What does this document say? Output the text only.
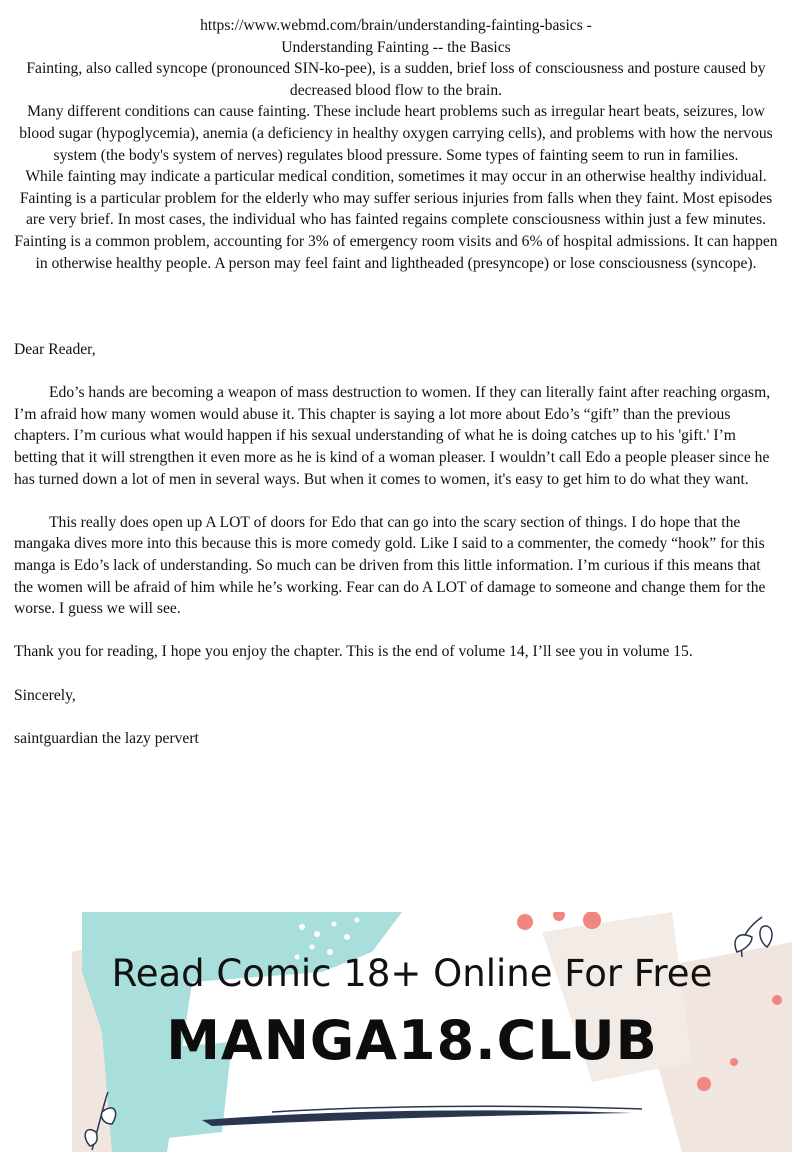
https://www.webmd.com/brain/understanding-fainting-basics -

Understanding Fainting -- the Basics

Fainting, also called syncope (pronounced SIN-ko-pee), is a sudden, brief loss of consciousness and posture caused by decreased blood flow to the brain.

Many different conditions can cause fainting. These include heart problems such as irregular heart beats, seizures, low blood sugar (hypoglycemia), anemia (a deficiency in healthy oxygen carrying cells), and problems with how the nervous system (the body's system of nerves) regulates blood pressure. Some types of fainting seem to run in families.

While fainting may indicate a particular medical condition, sometimes it may occur in an otherwise healthy individual. Fainting is a particular problem for the elderly who may suffer serious injuries from falls when they faint. Most episodes are very brief. In most cases, the individual who has fainted regains complete consciousness within just a few minutes.

Fainting is a common problem, accounting for 3% of emergency room visits and 6% of hospital admissions. It can happen in otherwise healthy people. A person may feel faint and lightheaded (presyncope) or lose consciousness (syncope).

Dear Reader,

Edo’s hands are becoming a weapon of mass destruction to women. If they can literally faint after reaching orgasm, I’m afraid how many women would abuse it. This chapter is saying a lot more about Edo’s “gift” than the previous chapters. I’m curious what would happen if his sexual understanding of what he is doing catches up to his 'gift.' I’m betting that it will strengthen it even more as he is kind of a woman pleaser. I wouldn’t call Edo a people pleaser since he has turned down a lot of men in several ways. But when it comes to women, it's easy to get him to do what they want.

This really does open up A LOT of doors for Edo that can go into the scary section of things. I do hope that the mangaka dives more into this because this is more comedy gold. Like I said to a commenter, the comedy “hook” for this manga is Edo’s lack of understanding. So much can be driven from this little information. I’m curious if this means that the women will be afraid of him while he’s working. Fear can do A LOT of damage to someone and change them for the worse. I guess we will see.

Thank you for reading, I hope you enjoy the chapter. This is the end of volume 14, I’ll see you in volume 15.

Sincerely,

saintguardian the lazy pervert

Read Comic 18+ Online For Free
MANGA18.CLUB
